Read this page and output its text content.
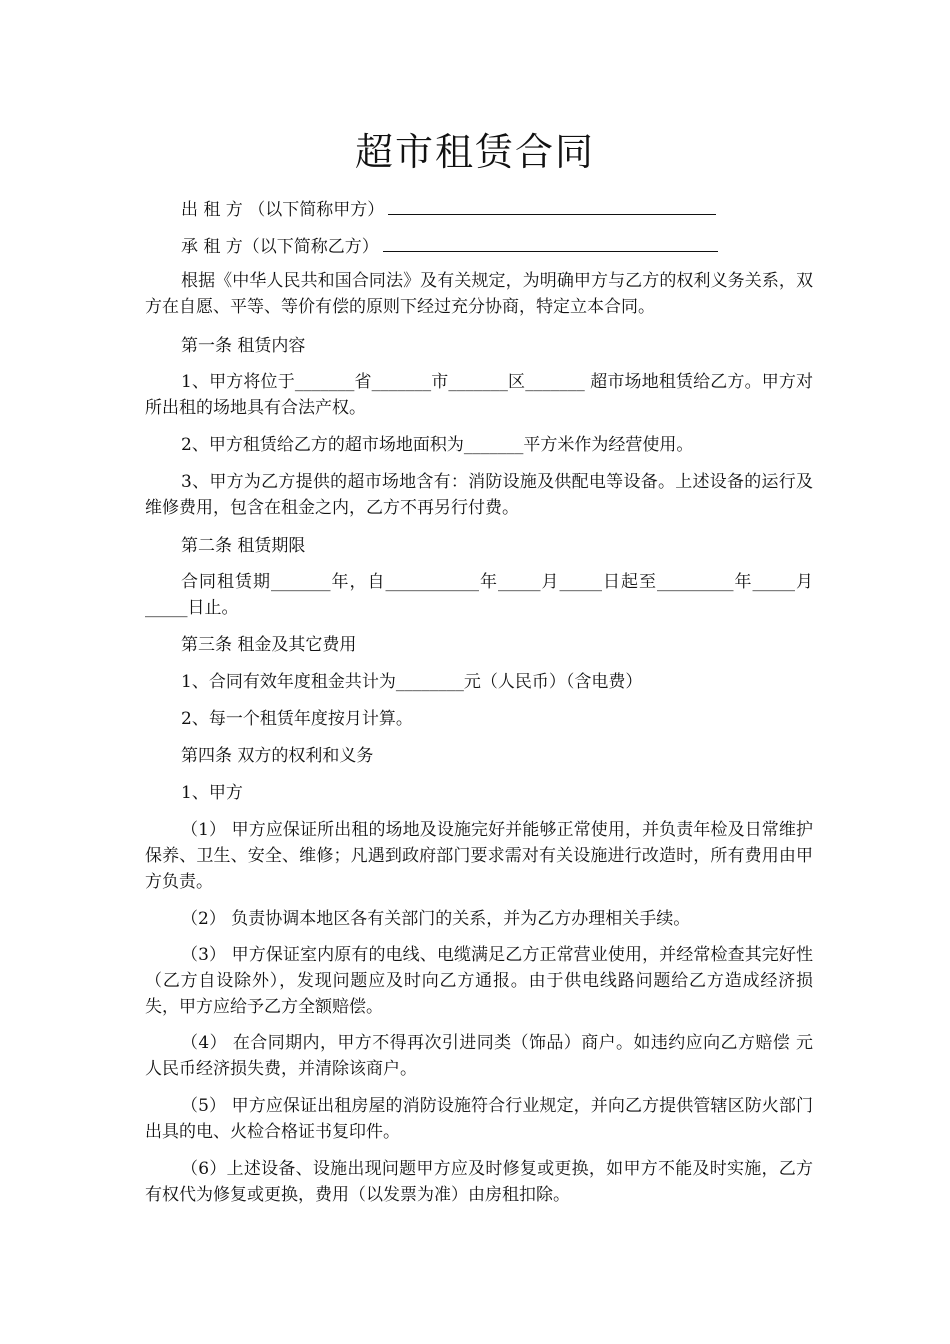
超市租赁合同
出 租 方 （以下简称甲方）
承 租 方（以下简称乙方）
根据《中华人民共和国合同法》及有关规定，为明确甲方与乙方的权利义务关系，双方在自愿、平等、等价有偿的原则下经过充分协商，特定立本合同。
第一条 租赁内容
1、甲方将位于_______省_______市_______区_______ 超市场地租赁给乙方。甲方对所出租的场地具有合法产权。
2、甲方租赁给乙方的超市场地面积为_______平方米作为经营使用。
3、甲方为乙方提供的超市场地含有：消防设施及供配电等设备。上述设备的运行及维修费用，包含在租金之内，乙方不再另行付费。
第二条 租赁期限
合同租赁期_______年，自___________年_____月_____日起至_________年_____月_____日止。
第三条 租金及其它费用
1、合同有效年度租金共计为________元（人民币）（含电费）
2、每一个租赁年度按月计算。
第四条 双方的权利和义务
1、甲方
（1） 甲方应保证所出租的场地及设施完好并能够正常使用，并负责年检及日常维护保养、卫生、安全、维修；凡遇到政府部门要求需对有关设施进行改造时，所有费用由甲方负责。
（2） 负责协调本地区各有关部门的关系，并为乙方办理相关手续。
（3） 甲方保证室内原有的电线、电缆满足乙方正常营业使用，并经常检查其完好性（乙方自设除外），发现问题应及时向乙方通报。由于供电线路问题给乙方造成经济损失，甲方应给予乙方全额赔偿。
（4） 在合同期内，甲方不得再次引进同类（饰品）商户。如违约应向乙方赔偿 元人民币经济损失费，并清除该商户。
（5） 甲方应保证出租房屋的消防设施符合行业规定，并向乙方提供管辖区防火部门出具的电、火检合格证书复印件。
（6）上述设备、设施出现问题甲方应及时修复或更换，如甲方不能及时实施，乙方有权代为修复或更换，费用（以发票为准）由房租扣除。
